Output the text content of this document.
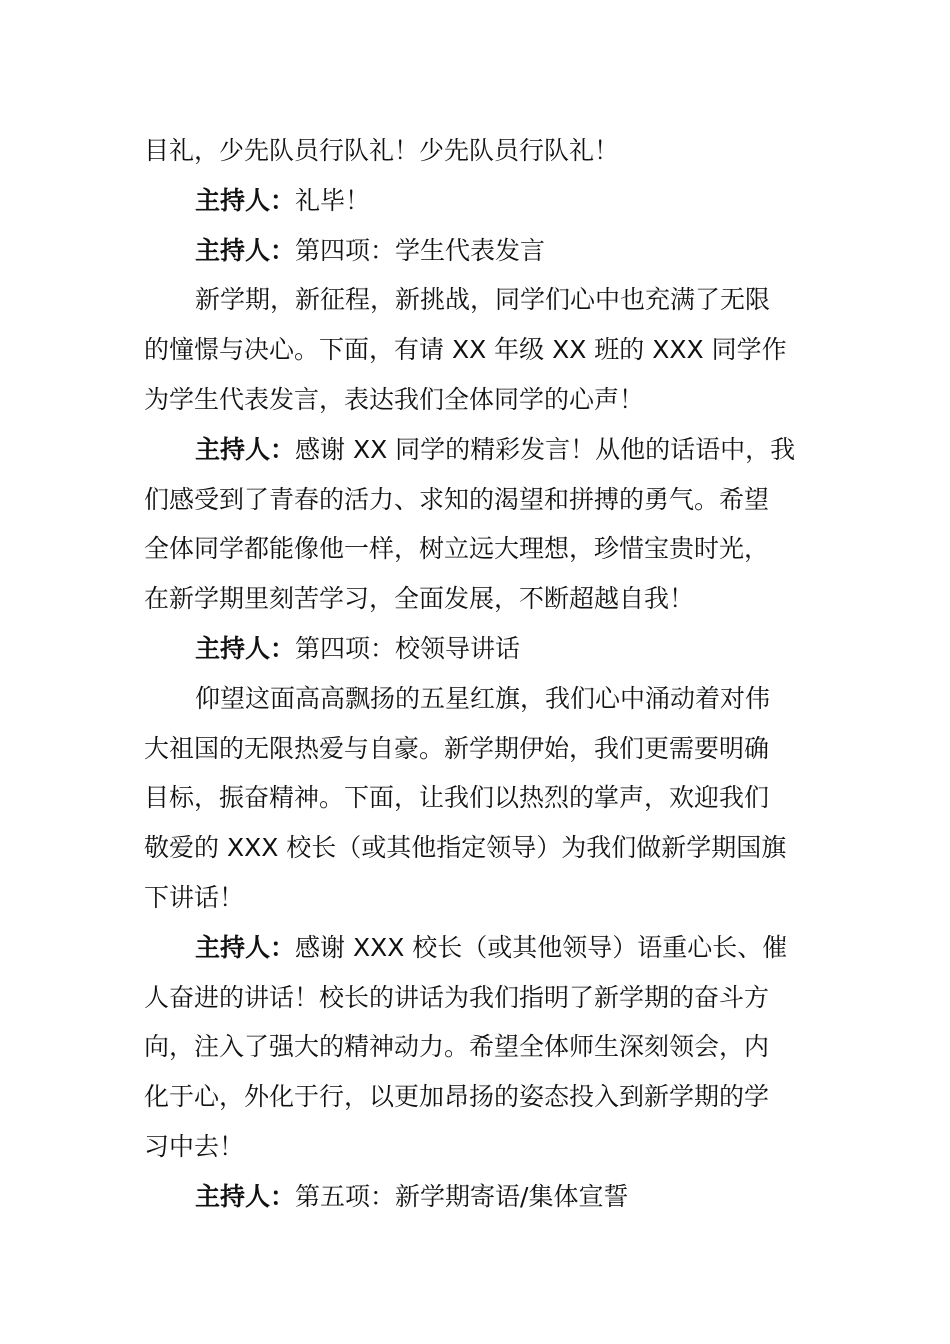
目礼，少先队员行队礼！少先队员行队礼！
主持人：礼毕！
主持人：第四项：学生代表发言
新学期，新征程，新挑战，同学们心中也充满了无限
的憧憬与决心。下面，有请 XX 年级 XX 班的 XXX 同学作
为学生代表发言，表达我们全体同学的心声！
主持人：感谢 XX 同学的精彩发言！从他的话语中，我
们感受到了青春的活力、求知的渴望和拼搏的勇气。希望
全体同学都能像他一样，树立远大理想，珍惜宝贵时光，
在新学期里刻苦学习，全面发展，不断超越自我！
主持人：第四项：校领导讲话
仰望这面高高飘扬的五星红旗，我们心中涌动着对伟
大祖国的无限热爱与自豪。新学期伊始，我们更需要明确
目标，振奋精神。下面，让我们以热烈的掌声，欢迎我们
敬爱的 XXX 校长（或其他指定领导）为我们做新学期国旗
下讲话！
主持人：感谢 XXX 校长（或其他领导）语重心长、催
人奋进的讲话！校长的讲话为我们指明了新学期的奋斗方
向，注入了强大的精神动力。希望全体师生深刻领会，内
化于心，外化于行，以更加昂扬的姿态投入到新学期的学
习中去！
主持人：第五项：新学期寄语/集体宣誓
